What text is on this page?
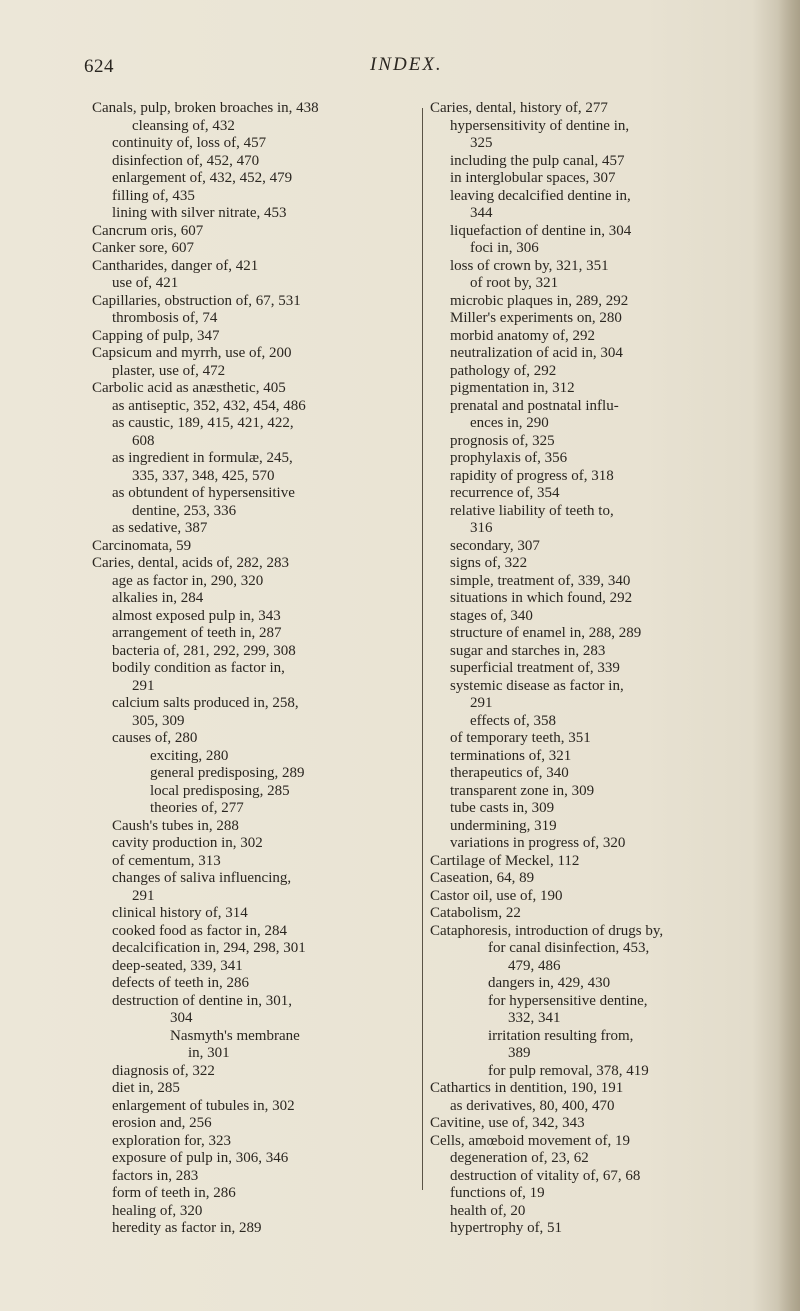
624	INDEX.
Canals, pulp, broken broaches in, 438
cleansing of, 432
continuity of, loss of, 457
disinfection of, 452, 470
enlargement of, 432, 452, 479
filling of, 435
lining with silver nitrate, 453
Cancrum oris, 607
Canker sore, 607
Cantharides, danger of, 421
use of, 421
Capillaries, obstruction of, 67, 531
thrombosis of, 74
Capping of pulp, 347
Capsicum and myrrh, use of, 200
plaster, use of, 472
Carbolic acid as anæsthetic, 405
as antiseptic, 352, 432, 454, 486
as caustic, 189, 415, 421, 422,
608
as ingredient in formulæ, 245,
335, 337, 348, 425, 570
as obtundent of hypersensitive
dentine, 253, 336
as sedative, 387
Carcinomata, 59
Caries, dental, acids of, 282, 283
age as factor in, 290, 320
alkalies in, 284
almost exposed pulp in, 343
arrangement of teeth in, 287
bacteria of, 281, 292, 299, 308
bodily condition as factor in,
291
calcium salts produced in, 258,
305, 309
causes of, 280
exciting, 280
general predisposing, 289
local predisposing, 285
theories of, 277
Caush's tubes in, 288
cavity production in, 302
of cementum, 313
changes of saliva influencing,
291
clinical history of, 314
cooked food as factor in, 284
decalcification in, 294, 298, 301
deep-seated, 339, 341
defects of teeth in, 286
destruction of dentine in, 301,
304
Nasmyth's membrane
in, 301
diagnosis of, 322
diet in, 285
enlargement of tubules in, 302
erosion and, 256
exploration for, 323
exposure of pulp in, 306, 346
factors in, 283
form of teeth in, 286
healing of, 320
heredity as factor in, 289
Caries, dental, history of, 277
hypersensitivity of dentine in,
325
including the pulp canal, 457
in interglobular spaces, 307
leaving decalcified dentine in,
344
liquefaction of dentine in, 304
foci in, 306
loss of crown by, 321, 351
of root by, 321
microbic plaques in, 289, 292
Miller's experiments on, 280
morbid anatomy of, 292
neutralization of acid in, 304
pathology of, 292
pigmentation in, 312
prenatal and postnatal influ-
ences in, 290
prognosis of, 325
prophylaxis of, 356
rapidity of progress of, 318
recurrence of, 354
relative liability of teeth to,
316
secondary, 307
signs of, 322
simple, treatment of, 339, 340
situations in which found, 292
stages of, 340
structure of enamel in, 288, 289
sugar and starches in, 283
superficial treatment of, 339
systemic disease as factor in,
291
effects of, 358
of temporary teeth, 351
terminations of, 321
therapeutics of, 340
transparent zone in, 309
tube casts in, 309
undermining, 319
variations in progress of, 320
Cartilage of Meckel, 112
Caseation, 64, 89
Castor oil, use of, 190
Catabolism, 22
Cataphoresis, introduction of drugs by,
for canal disinfection, 453,
479, 486
dangers in, 429, 430
for hypersensitive dentine,
332, 341
irritation resulting from,
389
for pulp removal, 378, 419
Cathartics in dentition, 190, 191
as derivatives, 80, 400, 470
Cavitine, use of, 342, 343
Cells, amœboid movement of, 19
degeneration of, 23, 62
destruction of vitality of, 67, 68
functions of, 19
health of, 20
hypertrophy of, 51
